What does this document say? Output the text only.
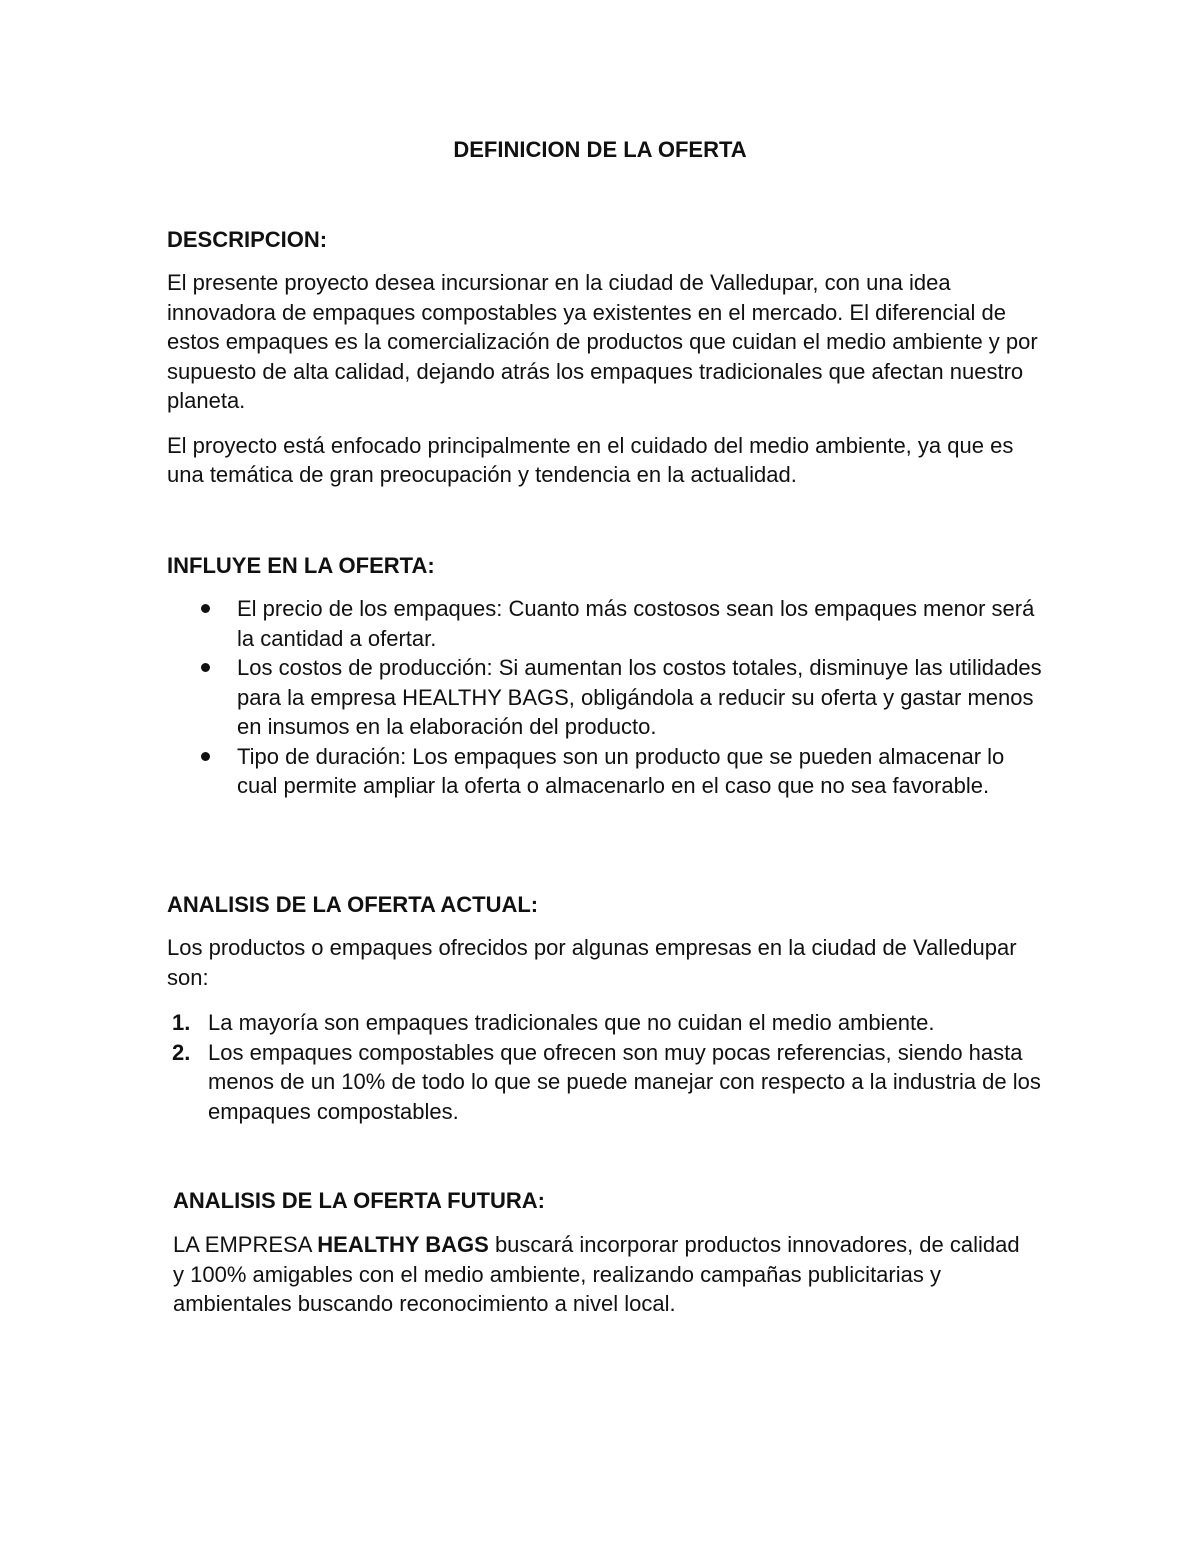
DEFINICION DE LA OFERTA
DESCRIPCION:

El presente proyecto desea incursionar en la ciudad de Valledupar, con una idea innovadora de empaques compostables ya existentes en el mercado. El diferencial de estos empaques es la comercialización de productos que cuidan el medio ambiente y por supuesto de alta calidad, dejando atrás los empaques tradicionales que afectan nuestro planeta.

El proyecto está enfocado principalmente en el cuidado del medio ambiente, ya que es una temática de gran preocupación y tendencia en la actualidad.

INFLUYE EN LA OFERTA:
El precio de los empaques: Cuanto más costosos sean los empaques menor será la cantidad a ofertar.
Los costos de producción: Si aumentan los costos totales, disminuye las utilidades para la empresa HEALTHY BAGS, obligándola a reducir su oferta y gastar menos en insumos en la elaboración del producto.
Tipo de duración: Los empaques son un producto que se pueden almacenar lo cual permite ampliar la oferta o almacenarlo en el caso que no sea favorable.
ANALISIS DE LA OFERTA ACTUAL:
Los productos o empaques ofrecidos por algunas empresas en la ciudad de Valledupar son:
1. La mayoría son empaques tradicionales que no cuidan el medio ambiente.
2. Los empaques compostables que ofrecen son muy pocas referencias, siendo hasta menos de un 10% de todo lo que se puede manejar con respecto a la industria de los empaques compostables.
ANALISIS DE LA OFERTA FUTURA:
LA EMPRESA HEALTHY BAGS buscará incorporar productos innovadores, de calidad y 100% amigables con el medio ambiente, realizando campañas publicitarias y ambientales buscando reconocimiento a nivel local.
